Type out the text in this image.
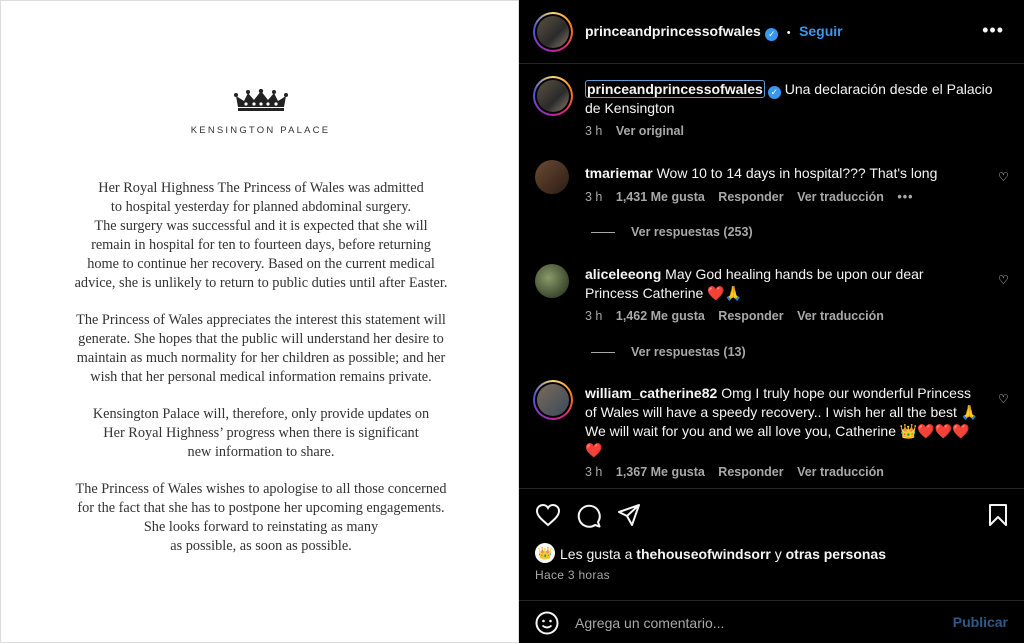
KENSINGTON PALACE

Her Royal Highness The Princess of Wales was admitted
to hospital yesterday for planned abdominal surgery.
The surgery was successful and it is expected that she will
remain in hospital for ten to fourteen days, before returning
home to continue her recovery. Based on the current medical
advice, she is unlikely to return to public duties until after Easter.

The Princess of Wales appreciates the interest this statement will
generate. She hopes that the public will understand her desire to
maintain as much normality for her children as possible; and her
wish that her personal medical information remains private.

Kensington Palace will, therefore, only provide updates on
Her Royal Highness’ progress when there is significant
new information to share.

The Princess of Wales wishes to apologise to all those concerned
for the fact that she has to postpone her upcoming engagements.
She looks forward to reinstating as many
as possible, as soon as possible.

princeandprincessofwales ✓ • Seguir	•••
princeandprincessofwales ✓ Una declaración desde el Palacio de Kensington
3 h Ver original
tmariemar Wow 10 to 14 days in hospital??? That's long	♡
3 h 1,431 Me gusta Responder Ver traducción •••
Ver respuestas (253)
aliceleeong May God healing hands be upon our dear Princess Catherine ❤️🙏
♡
3 h 1,462 Me gusta Responder Ver traducción
Ver respuestas (13)
william_catherine82 Omg I truly hope our wonderful Princess of Wales will have a speedy recovery.. I wish her all the best 🙏 We will wait for you and we all love you, Catherine 👑❤️❤️❤️❤️
♡
3 h 1,367 Me gusta Responder Ver traducción
👑 Les gusta a thehouseofwindsorr y otras personas
Hace 3 horas
Agrega un comentario...
Publicar
